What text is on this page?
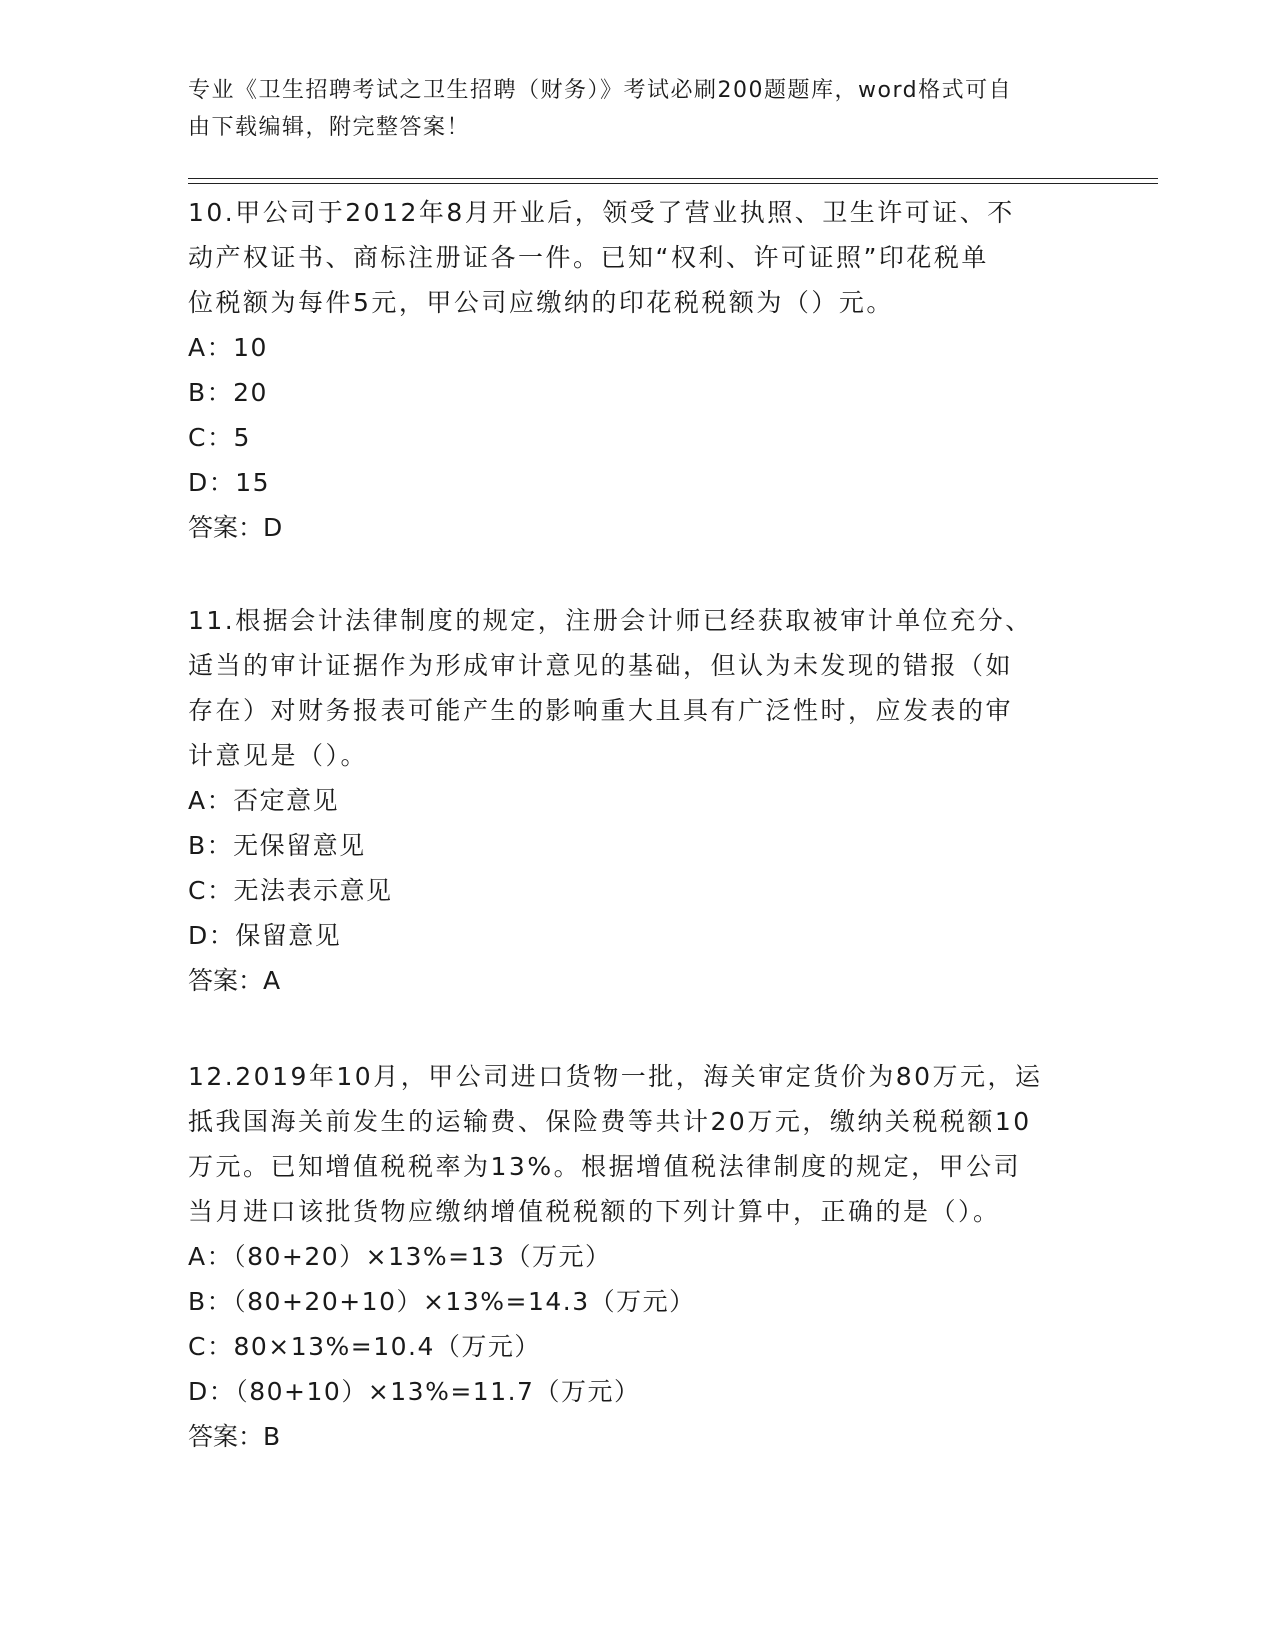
专业《卫生招聘考试之卫生招聘（财务）》考试必刷200题题库，word格式可自
由下载编辑，附完整答案！

10.甲公司于2012年8月开业后，领受了营业执照、卫生许可证、不

动产权证书、商标注册证各一件。已知“权利、许可证照”印花税单

位税额为每件5元，甲公司应缴纳的印花税税额为（）元。

A：10

B：20

C：5

D：15

答案：D

11.根据会计法律制度的规定，注册会计师已经获取被审计单位充分、

适当的审计证据作为形成审计意见的基础，但认为未发现的错报（如

存在）对财务报表可能产生的影响重大且具有广泛性时，应发表的审

计意见是（）。

A：否定意见

B：无保留意见

C：无法表示意见

D：保留意见

答案：A

12.2019年10月，甲公司进口货物一批，海关审定货价为80万元，运

抵我国海关前发生的运输费、保险费等共计20万元，缴纳关税税额10

万元。已知增值税税率为13%。根据增值税法律制度的规定，甲公司

当月进口该批货物应缴纳增值税税额的下列计算中，正确的是（）。

A：（80+20）×13%=13（万元）

B：（80+20+10）×13%=14.3（万元）

C：80×13%=10.4（万元）

D：（80+10）×13%=11.7（万元）

答案：B
